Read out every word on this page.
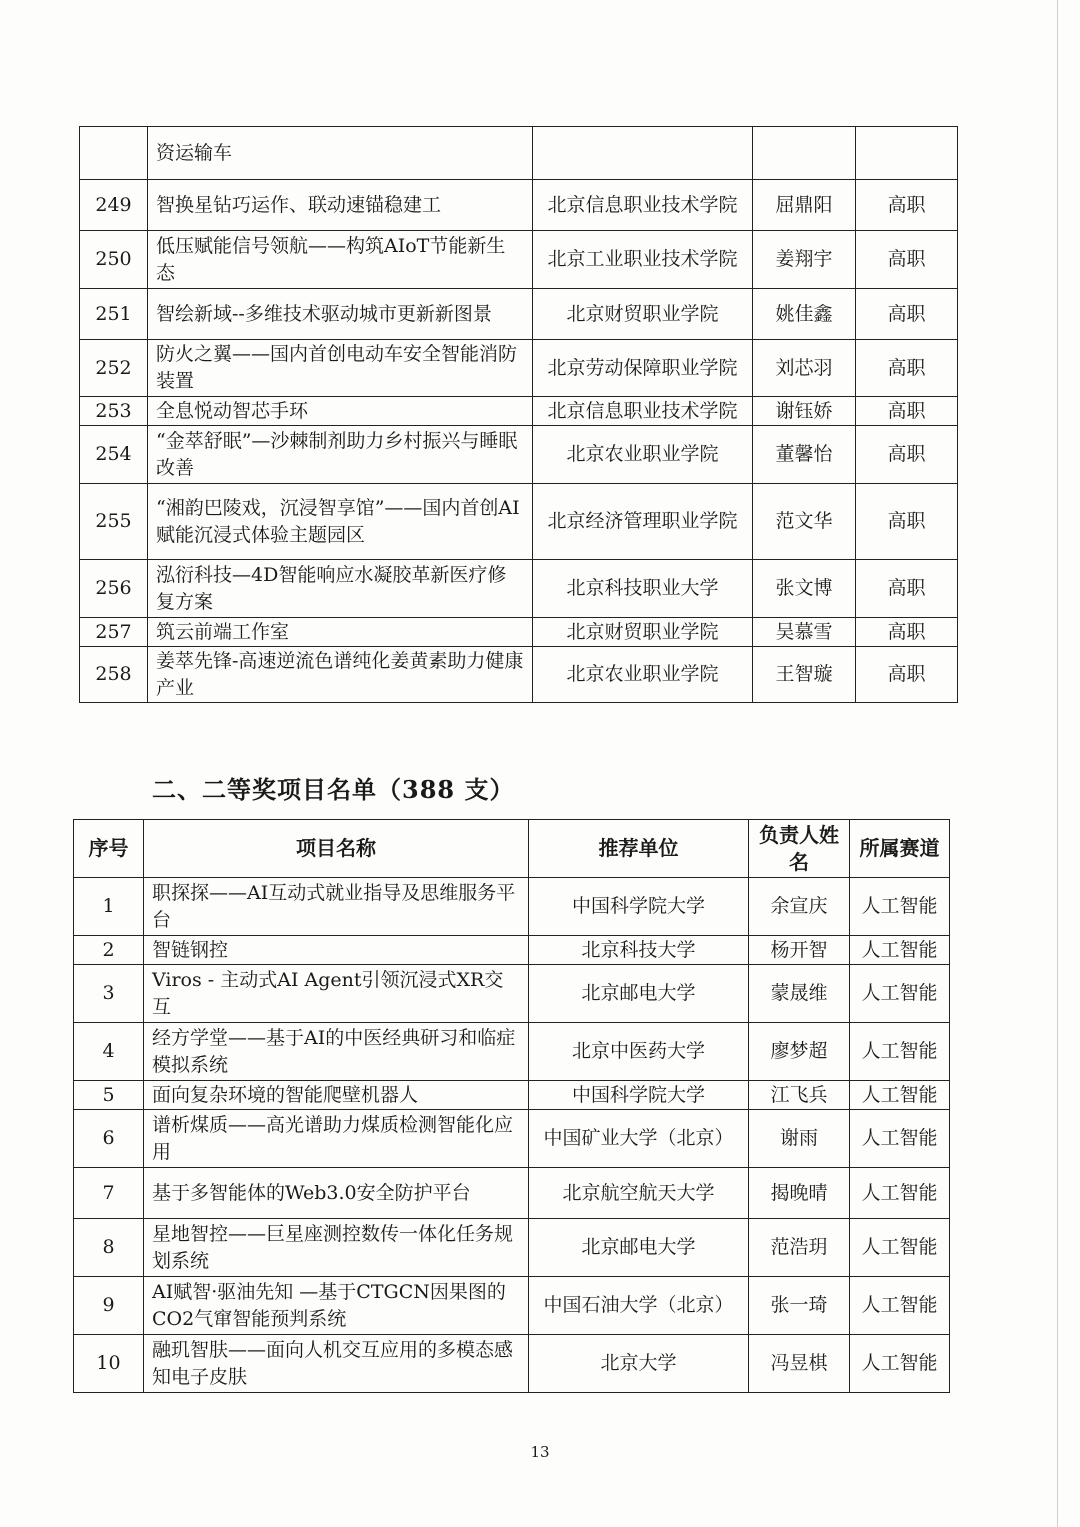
	资运输车			
249	智换星钻巧运作、联动速锚稳建工	北京信息职业技术学院	屈鼎阳	高职
250	低压赋能信号领航——构筑AIoT节能新生态	北京工业职业技术学院	姜翔宇	高职
251	智绘新域--多维技术驱动城市更新新图景	北京财贸职业学院	姚佳鑫	高职
252	防火之翼——国内首创电动车安全智能消防装置	北京劳动保障职业学院	刘芯羽	高职
253	全息悦动智芯手环	北京信息职业技术学院	谢钰娇	高职
254	“金萃舒眠”—沙棘制剂助力乡村振兴与睡眠改善	北京农业职业学院	董馨怡	高职
255	“湘韵巴陵戏，沉浸智享馆”——国内首创AI赋能沉浸式体验主题园区	北京经济管理职业学院	范文华	高职
256	泓衍科技—4D智能响应水凝胶革新医疗修复方案	北京科技职业大学	张文博	高职
257	筑云前端工作室	北京财贸职业学院	吴慕雪	高职
258	姜萃先锋-高速逆流色谱纯化姜黄素助力健康产业	北京农业职业学院	王智璇	高职
二、二等奖项目名单（388 支）
序号	项目名称	推荐单位	负责人姓名	所属赛道
1	职探探——AI互动式就业指导及思维服务平台	中国科学院大学	余宣庆	人工智能
2	智链钢控	北京科技大学	杨开智	人工智能
3	Viros - 主动式AI Agent引领沉浸式XR交互	北京邮电大学	蒙晟维	人工智能
4	经方学堂——基于AI的中医经典研习和临症模拟系统	北京中医药大学	廖梦超	人工智能
5	面向复杂环境的智能爬壁机器人	中国科学院大学	江飞兵	人工智能
6	谱析煤质——高光谱助力煤质检测智能化应用	中国矿业大学（北京）	谢雨	人工智能
7	基于多智能体的Web3.0安全防护平台	北京航空航天大学	揭晚晴	人工智能
8	星地智控——巨星座测控数传一体化任务规划系统	北京邮电大学	范浩玥	人工智能
9	AI赋智·驱油先知 —基于CTGCN因果图的CO2气窜智能预判系统	中国石油大学（北京）	张一琦	人工智能
10	融玑智肤——面向人机交互应用的多模态感知电子皮肤	北京大学	冯昱棋	人工智能
13
